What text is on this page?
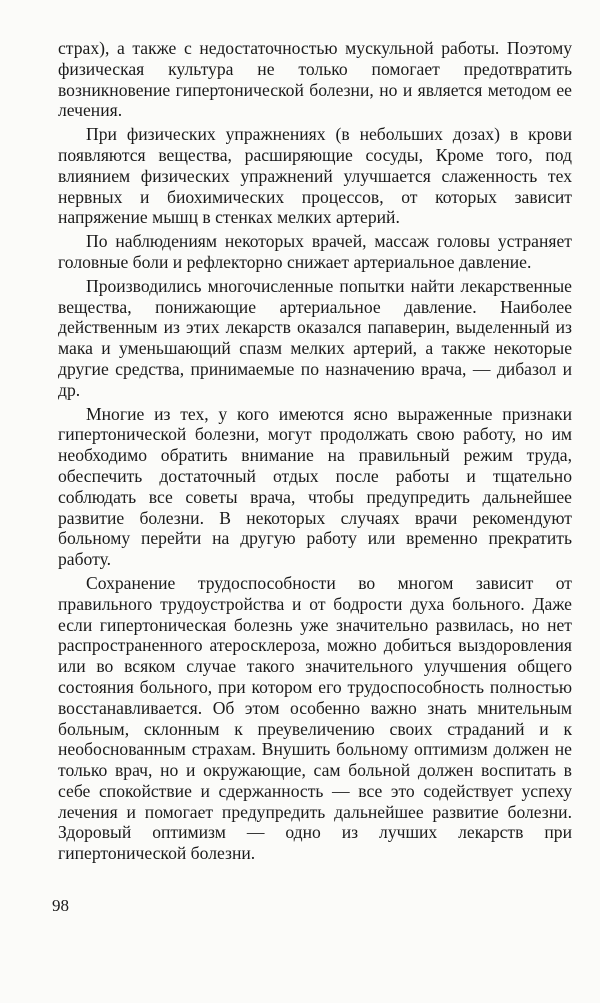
страх), а также с недостаточностью мускульной работы. Поэтому физическая культура не только помогает предотвратить возникновение гипертонической болезни, но и является методом ее лечения.

При физических упражнениях (в небольших дозах) в крови появляются вещества, расширяющие сосуды, Кроме того, под влиянием физических упражнений улучшается слаженность тех нервных и биохимических процессов, от которых зависит напряжение мышц в стенках мелких артерий.

По наблюдениям некоторых врачей, массаж головы устраняет головные боли и рефлекторно снижает артериальное давление.

Производились многочисленные попытки найти лекарственные вещества, понижающие артериальное давление. Наиболее действенным из этих лекарств оказался папаверин, выделенный из мака и уменьшающий спазм мелких артерий, а также некоторые другие средства, принимаемые по назначению врача, — дибазол и др.

Многие из тех, у кого имеются ясно выраженные признаки гипертонической болезни, могут продолжать свою работу, но им необходимо обратить внимание на правильный режим труда, обеспечить достаточный отдых после работы и тщательно соблюдать все советы врача, чтобы предупредить дальнейшее развитие болезни. В некоторых случаях врачи рекомендуют больному перейти на другую работу или временно прекратить работу.

Сохранение трудоспособности во многом зависит от правильного трудоустройства и от бодрости духа больного. Даже если гипертоническая болезнь уже значительно развилась, но нет распространенного атеросклероза, можно добиться выздоровления или во всяком случае такого значительного улучшения общего состояния больного, при котором его трудоспособность полностью восстанавливается. Об этом особенно важно знать мнительным больным, склонным к преувеличению своих страданий и к необоснованным страхам. Внушить больному оптимизм должен не только врач, но и окружающие, сам больной должен воспитать в себе спокойствие и сдержанность — все это содействует успеху лечения и помогает предупредить дальнейшее развитие болезни. Здоровый оптимизм — одно из лучших лекарств при гипертонической болезни.

98
